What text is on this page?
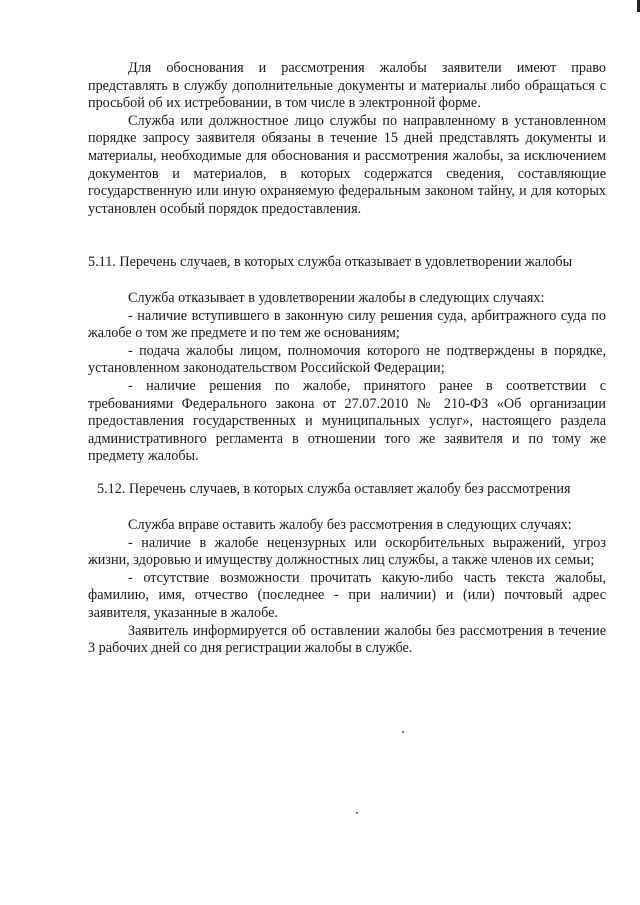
Для обоснования и рассмотрения жалобы заявители имеют право представлять в службу дополнительные документы и материалы либо обращаться с просьбой об их истребовании, в том числе в электронной форме.

Служба или должностное лицо службы по направленному в установленном порядке запросу заявителя обязаны в течение 15 дней представлять документы и материалы, необходимые для обоснования и рассмотрения жалобы, за исключением документов и материалов, в которых содержатся сведения, составляющие государственную или иную охраняемую федеральным законом тайну, и для которых установлен особый порядок предоставления.

5.11. Перечень случаев, в которых служба отказывает в удовлетворении жалобы

Служба отказывает в удовлетворении жалобы в следующих случаях:

- наличие вступившего в законную силу решения суда, арбитражного суда по жалобе о том же предмете и по тем же основаниям;

- подача жалобы лицом, полномочия которого не подтверждены в порядке, установленном законодательством Российской Федерации;

- наличие решения по жалобе, принятого ранее в соответствии с требованиями Федерального закона от 27.07.2010 № 210-ФЗ «Об организации предоставления государственных и муниципальных услуг», настоящего раздела административного регламента в отношении того же заявителя и по тому же предмету жалобы.

5.12. Перечень случаев, в которых служба оставляет жалобу без рассмотрения

Служба вправе оставить жалобу без рассмотрения в следующих случаях:

- наличие в жалобе нецензурных или оскорбительных выражений, угроз жизни, здоровью и имуществу должностных лиц службы, а также членов их семьи;

- отсутствие возможности прочитать какую-либо часть текста жалобы, фамилию, имя, отчество (последнее - при наличии) и (или) почтовый адрес заявителя, указанные в жалобе.

Заявитель информируется об оставлении жалобы без рассмотрения в течение 3 рабочих дней со дня регистрации жалобы в службе.
